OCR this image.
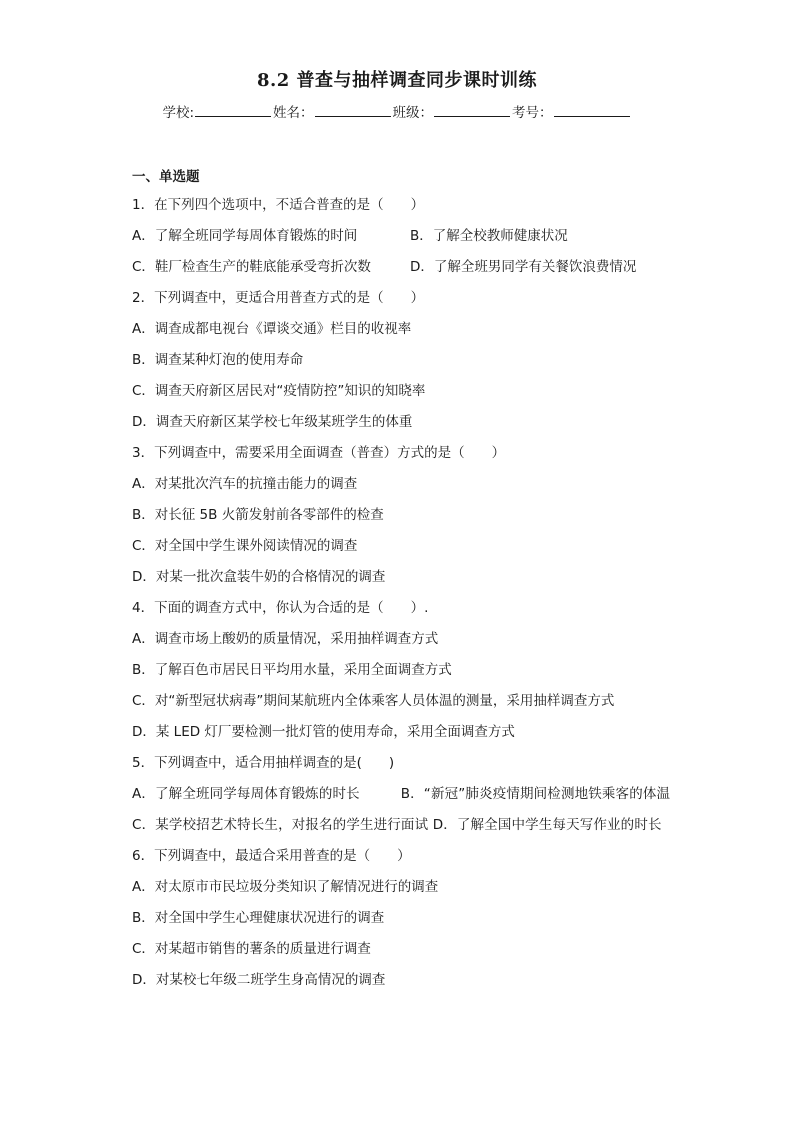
8.2 普查与抽样调查同步课时训练
学校:	姓名：	班级：	考号：
一、单选题
1．在下列四个选项中，不适合普查的是（　　）
A．了解全班同学每周体育锻炼的时间	B．了解全校教师健康状况
C．鞋厂检查生产的鞋底能承受弯折次数	D．了解全班男同学有关餐饮浪费情况
2．下列调查中，更适合用普查方式的是（　　）
A．调查成都电视台《谭谈交通》栏目的收视率
B．调查某种灯泡的使用寿命
C．调查天府新区居民对“疫情防控”知识的知晓率
D．调查天府新区某学校七年级某班学生的体重
3．下列调查中，需要采用全面调查（普查）方式的是（　　）
A．对某批次汽车的抗撞击能力的调查
B．对长征 5B 火箭发射前各零部件的检查
C．对全国中学生课外阅读情况的调查
D．对某一批次盒装牛奶的合格情况的调查
4．下面的调查方式中，你认为合适的是（　　）.
A．调查市场上酸奶的质量情况，采用抽样调查方式
B．了解百色市居民日平均用水量，采用全面调查方式
C．对“新型冠状病毒”期间某航班内全体乘客人员体温的测量，采用抽样调查方式
D．某 LED 灯厂要检测一批灯管的使用寿命，采用全面调查方式
5．下列调查中，适合用抽样调查的是(　　)
A．了解全班同学每周体育锻炼的时长　　　	B．“新冠”肺炎疫情期间检测地铁乘客的体温
C．某学校招艺术特长生，对报名的学生进行面试 D．了解全国中学生每天写作业的时长
6．下列调查中，最适合采用普查的是（　　）
A．对太原市市民垃圾分类知识了解情况进行的调查
B．对全国中学生心理健康状况进行的调查
C．对某超市销售的薯条的质量进行调查
D．对某校七年级二班学生身高情况的调查
